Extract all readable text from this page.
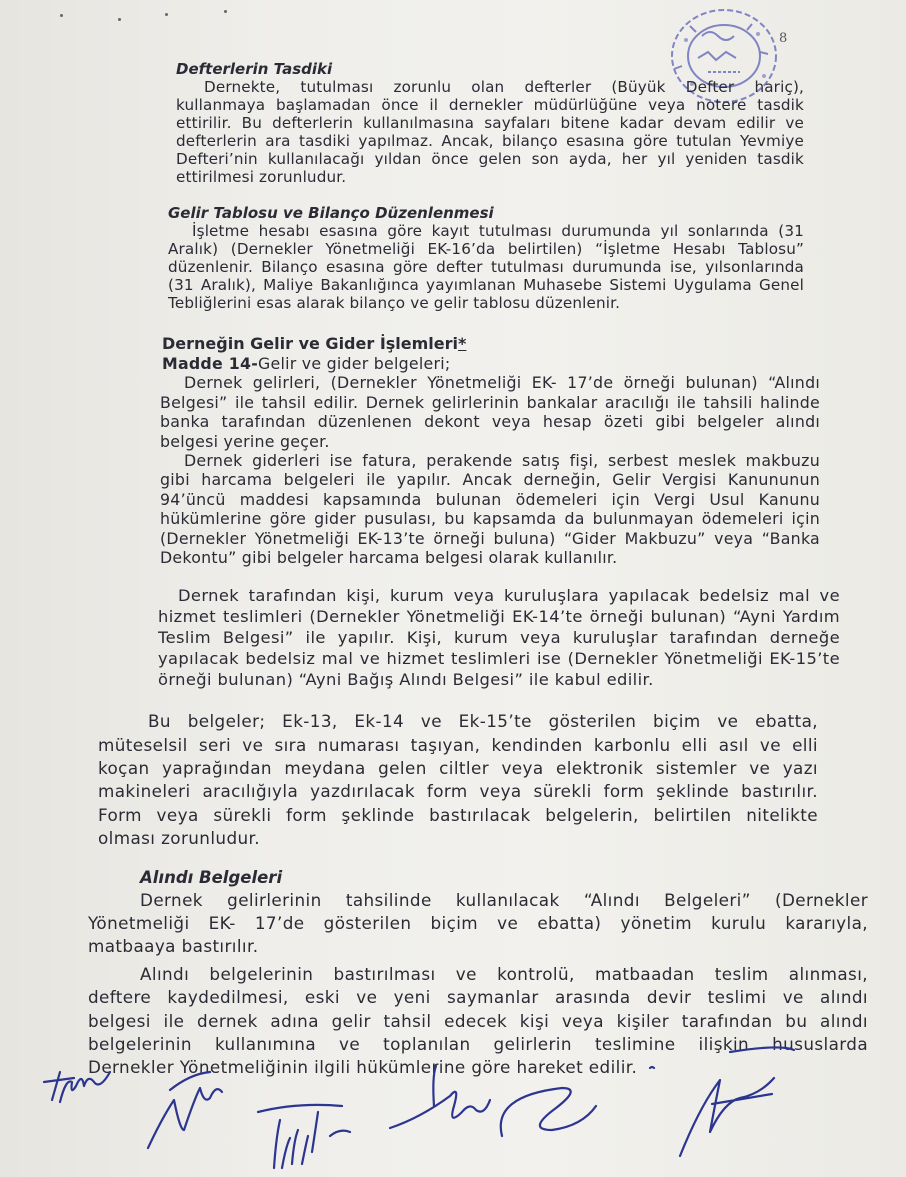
8
Defterlerin Tasdiki
Dernekte, tutulması zorunlu olan defterler (Büyük Defter hariç),
kullanmaya başlamadan önce il dernekler müdürlüğüne veya notere tasdik
ettirilir. Bu defterlerin kullanılmasına sayfaları bitene kadar devam edilir ve
defterlerin ara tasdiki yapılmaz. Ancak, bilanço esasına göre tutulan Yevmiye
Defteri’nin kullanılacağı yıldan önce gelen son ayda, her yıl yeniden tasdik
ettirilmesi zorunludur.
Gelir Tablosu ve Bilanço Düzenlenmesi
İşletme hesabı esasına göre kayıt tutulması durumunda yıl sonlarında (31
Aralık) (Dernekler Yönetmeliği EK-16’da belirtilen) “İşletme Hesabı Tablosu”
düzenlenir. Bilanço esasına göre defter tutulması durumunda ise, yılsonlarında
(31 Aralık), Maliye Bakanlığınca yayımlanan Muhasebe Sistemi Uygulama Genel
Tebliğlerini esas alarak bilanço ve gelir tablosu düzenlenir.
Derneğin Gelir ve Gider İşlemleri*
Madde 14-Gelir ve gider belgeleri;
Dernek gelirleri, (Dernekler Yönetmeliği EK- 17’de örneği bulunan) “Alındı
Belgesi” ile tahsil edilir. Dernek gelirlerinin bankalar aracılığı ile tahsili halinde
banka tarafından düzenlenen dekont veya hesap özeti gibi belgeler alındı
belgesi yerine geçer.
Dernek giderleri ise fatura, perakende satış fişi, serbest meslek makbuzu
gibi harcama belgeleri ile yapılır. Ancak derneğin, Gelir Vergisi Kanununun
94’üncü maddesi kapsamında bulunan ödemeleri için Vergi Usul Kanunu
hükümlerine göre gider pusulası, bu kapsamda da bulunmayan ödemeleri için
(Dernekler Yönetmeliği EK-13’te örneği buluna) “Gider Makbuzu” veya “Banka
Dekontu” gibi belgeler harcama belgesi olarak kullanılır.
Dernek tarafından kişi, kurum veya kuruluşlara yapılacak bedelsiz mal ve
hizmet teslimleri (Dernekler Yönetmeliği EK-14’te örneği bulunan) “Ayni Yardım
Teslim Belgesi” ile yapılır. Kişi, kurum veya kuruluşlar tarafından derneğe
yapılacak bedelsiz mal ve hizmet teslimleri ise (Dernekler Yönetmeliği EK-15’te
örneği bulunan) “Ayni Bağış Alındı Belgesi” ile kabul edilir.
Bu belgeler; Ek-13, Ek-14 ve Ek-15’te gösterilen biçim ve ebatta,
müteselsil seri ve sıra numarası taşıyan, kendinden karbonlu elli asıl ve elli
koçan yaprağından meydana gelen ciltler veya elektronik sistemler ve yazı
makineleri aracılığıyla yazdırılacak form veya sürekli form şeklinde bastırılır.
Form veya sürekli form şeklinde bastırılacak belgelerin, belirtilen nitelikte
olması zorunludur.
Alındı Belgeleri
Dernek gelirlerinin tahsilinde kullanılacak “Alındı Belgeleri” (Dernekler
Yönetmeliği EK- 17’de gösterilen biçim ve ebatta) yönetim kurulu kararıyla,
matbaaya bastırılır.
Alındı belgelerinin bastırılması ve kontrolü, matbaadan teslim alınması,
deftere kaydedilmesi, eski ve yeni saymanlar arasında devir teslimi ve alındı
belgesi ile dernek adına gelir tahsil edecek kişi veya kişiler tarafından bu alındı
belgelerinin kullanımına ve toplanılan gelirlerin teslimine ilişkin hususlarda
Dernekler Yönetmeliğinin ilgili hükümlerine göre hareket edilir.
